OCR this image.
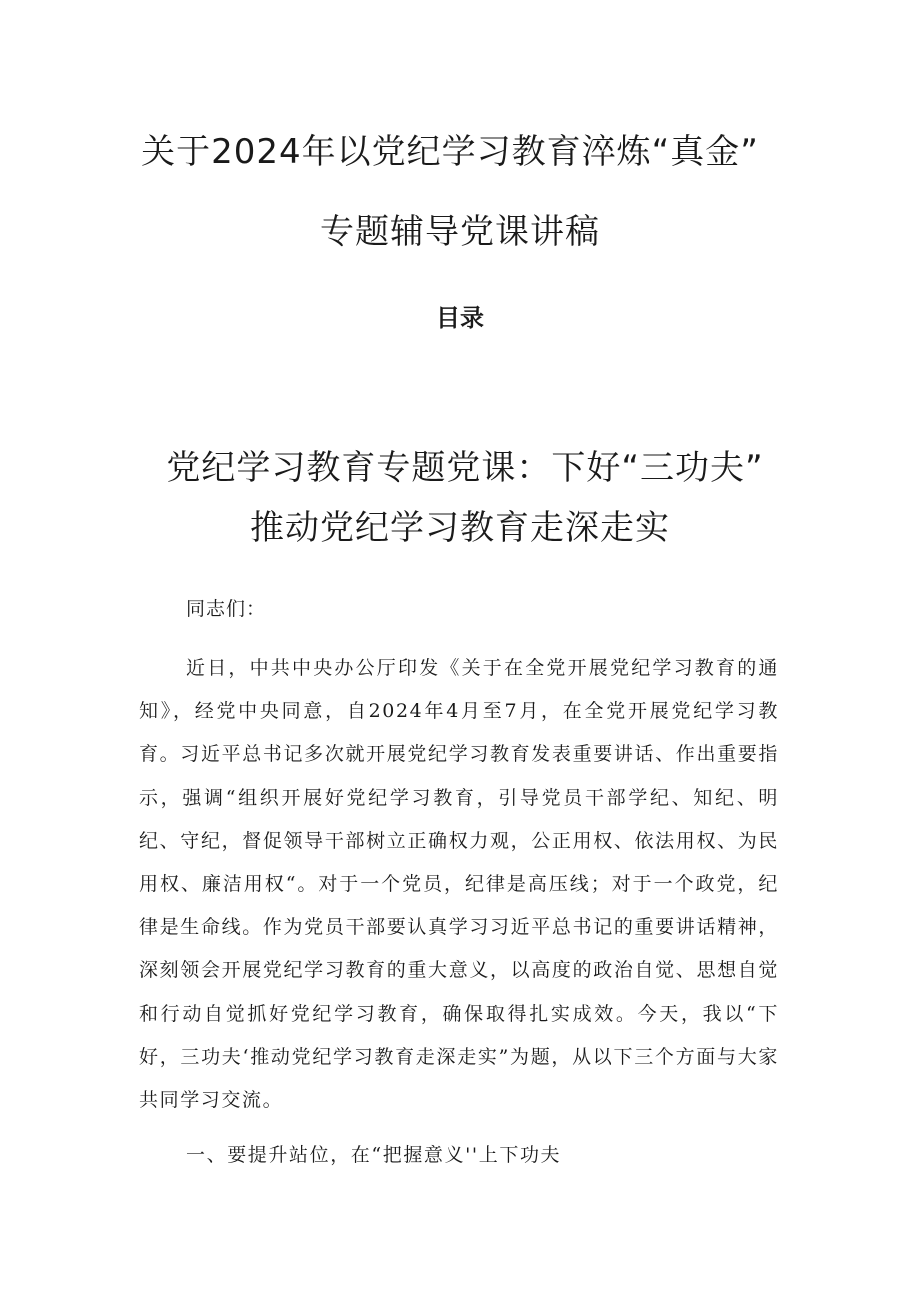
关于2024年以党纪学习教育淬炼“真金”
专题辅导党课讲稿
目录
党纪学习教育专题党课：下好“三功夫”
推动党纪学习教育走深走实

同志们：

近日，中共中央办公厅印发《关于在全党开展党纪学习教育的通知》，经党中央同意，自2024年4月至7月，在全党开展党纪学习教育。习近平总书记多次就开展党纪学习教育发表重要讲话、作出重要指示，强调“组织开展好党纪学习教育，引导党员干部学纪、知纪、明纪、守纪，督促领导干部树立正确权力观，公正用权、依法用权、为民用权、廉洁用权“。对于一个党员，纪律是高压线；对于一个政党，纪律是生命线。作为党员干部要认真学习习近平总书记的重要讲话精神，深刻领会开展党纪学习教育的重大意义，以高度的政治自觉、思想自觉和行动自觉抓好党纪学习教育，确保取得扎实成效。今天，我以“下好，三功夫‘推动党纪学习教育走深走实”为题，从以下三个方面与大家共同学习交流。

一、要提升站位，在“把握意义''上下功夫
